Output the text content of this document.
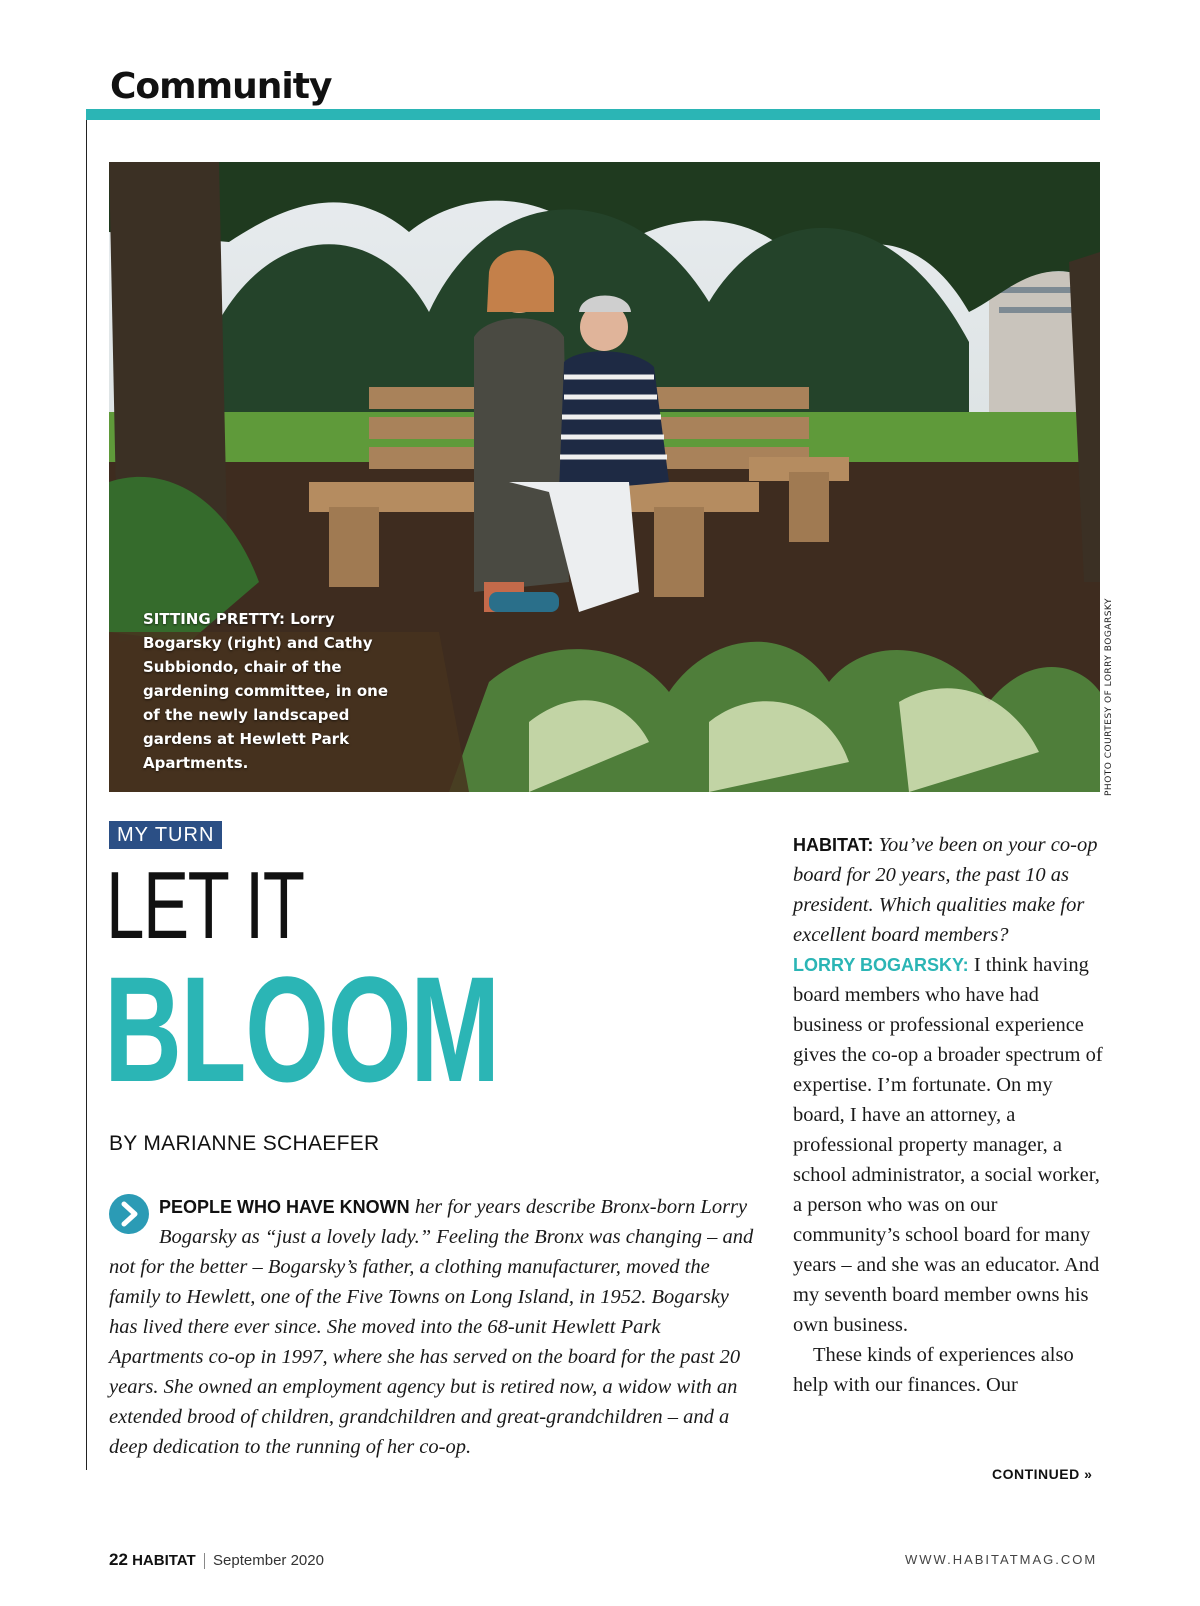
Community
SITTING PRETTY: Lorry Bogarsky (right) and Cathy Subbiondo, chair of the gardening committee, in one of the newly landscaped gardens at Hewlett Park Apartments.	PHOTO COURTESY OF LORRY BOGARSKY
MY TURN
LET IT
BLOOM
BY MARIANNE SCHAEFER
PEOPLE WHO HAVE KNOWN her for years describe Bronx-born Lorry Bogarsky as “just a lovely lady.” Feeling the Bronx was changing – and not for the better – Bogarsky’s father, a clothing manufacturer, moved the family to Hewlett, one of the Five Towns on Long Island, in 1952. Bogarsky has lived there ever since. She moved into the 68-unit Hewlett Park Apartments co-op in 1997, where she has served on the board for the past 20 years. She owned an employment agency but is retired now, a widow with an extended brood of children, grandchildren and great-grandchildren – and a deep dedication to the running of her co-op.

HABITAT: You’ve been on your co-op board for 20 years, the past 10 as president. Which qualities make for excellent board members?

LORRY BOGARSKY: I think having board members who have had business or professional experience gives the co-op a broader spectrum of expertise. I’m fortunate. On my board, I have an attorney, a professional property manager, a school administrator, a social worker, a person who was on our community’s school board for many years – and she was an educator. And my seventh board member owns his own business.

These kinds of experiences also help with our finances. Our

CONTINUED »
22 HABITAT September 2020	WWW.HABITATMAG.COM
